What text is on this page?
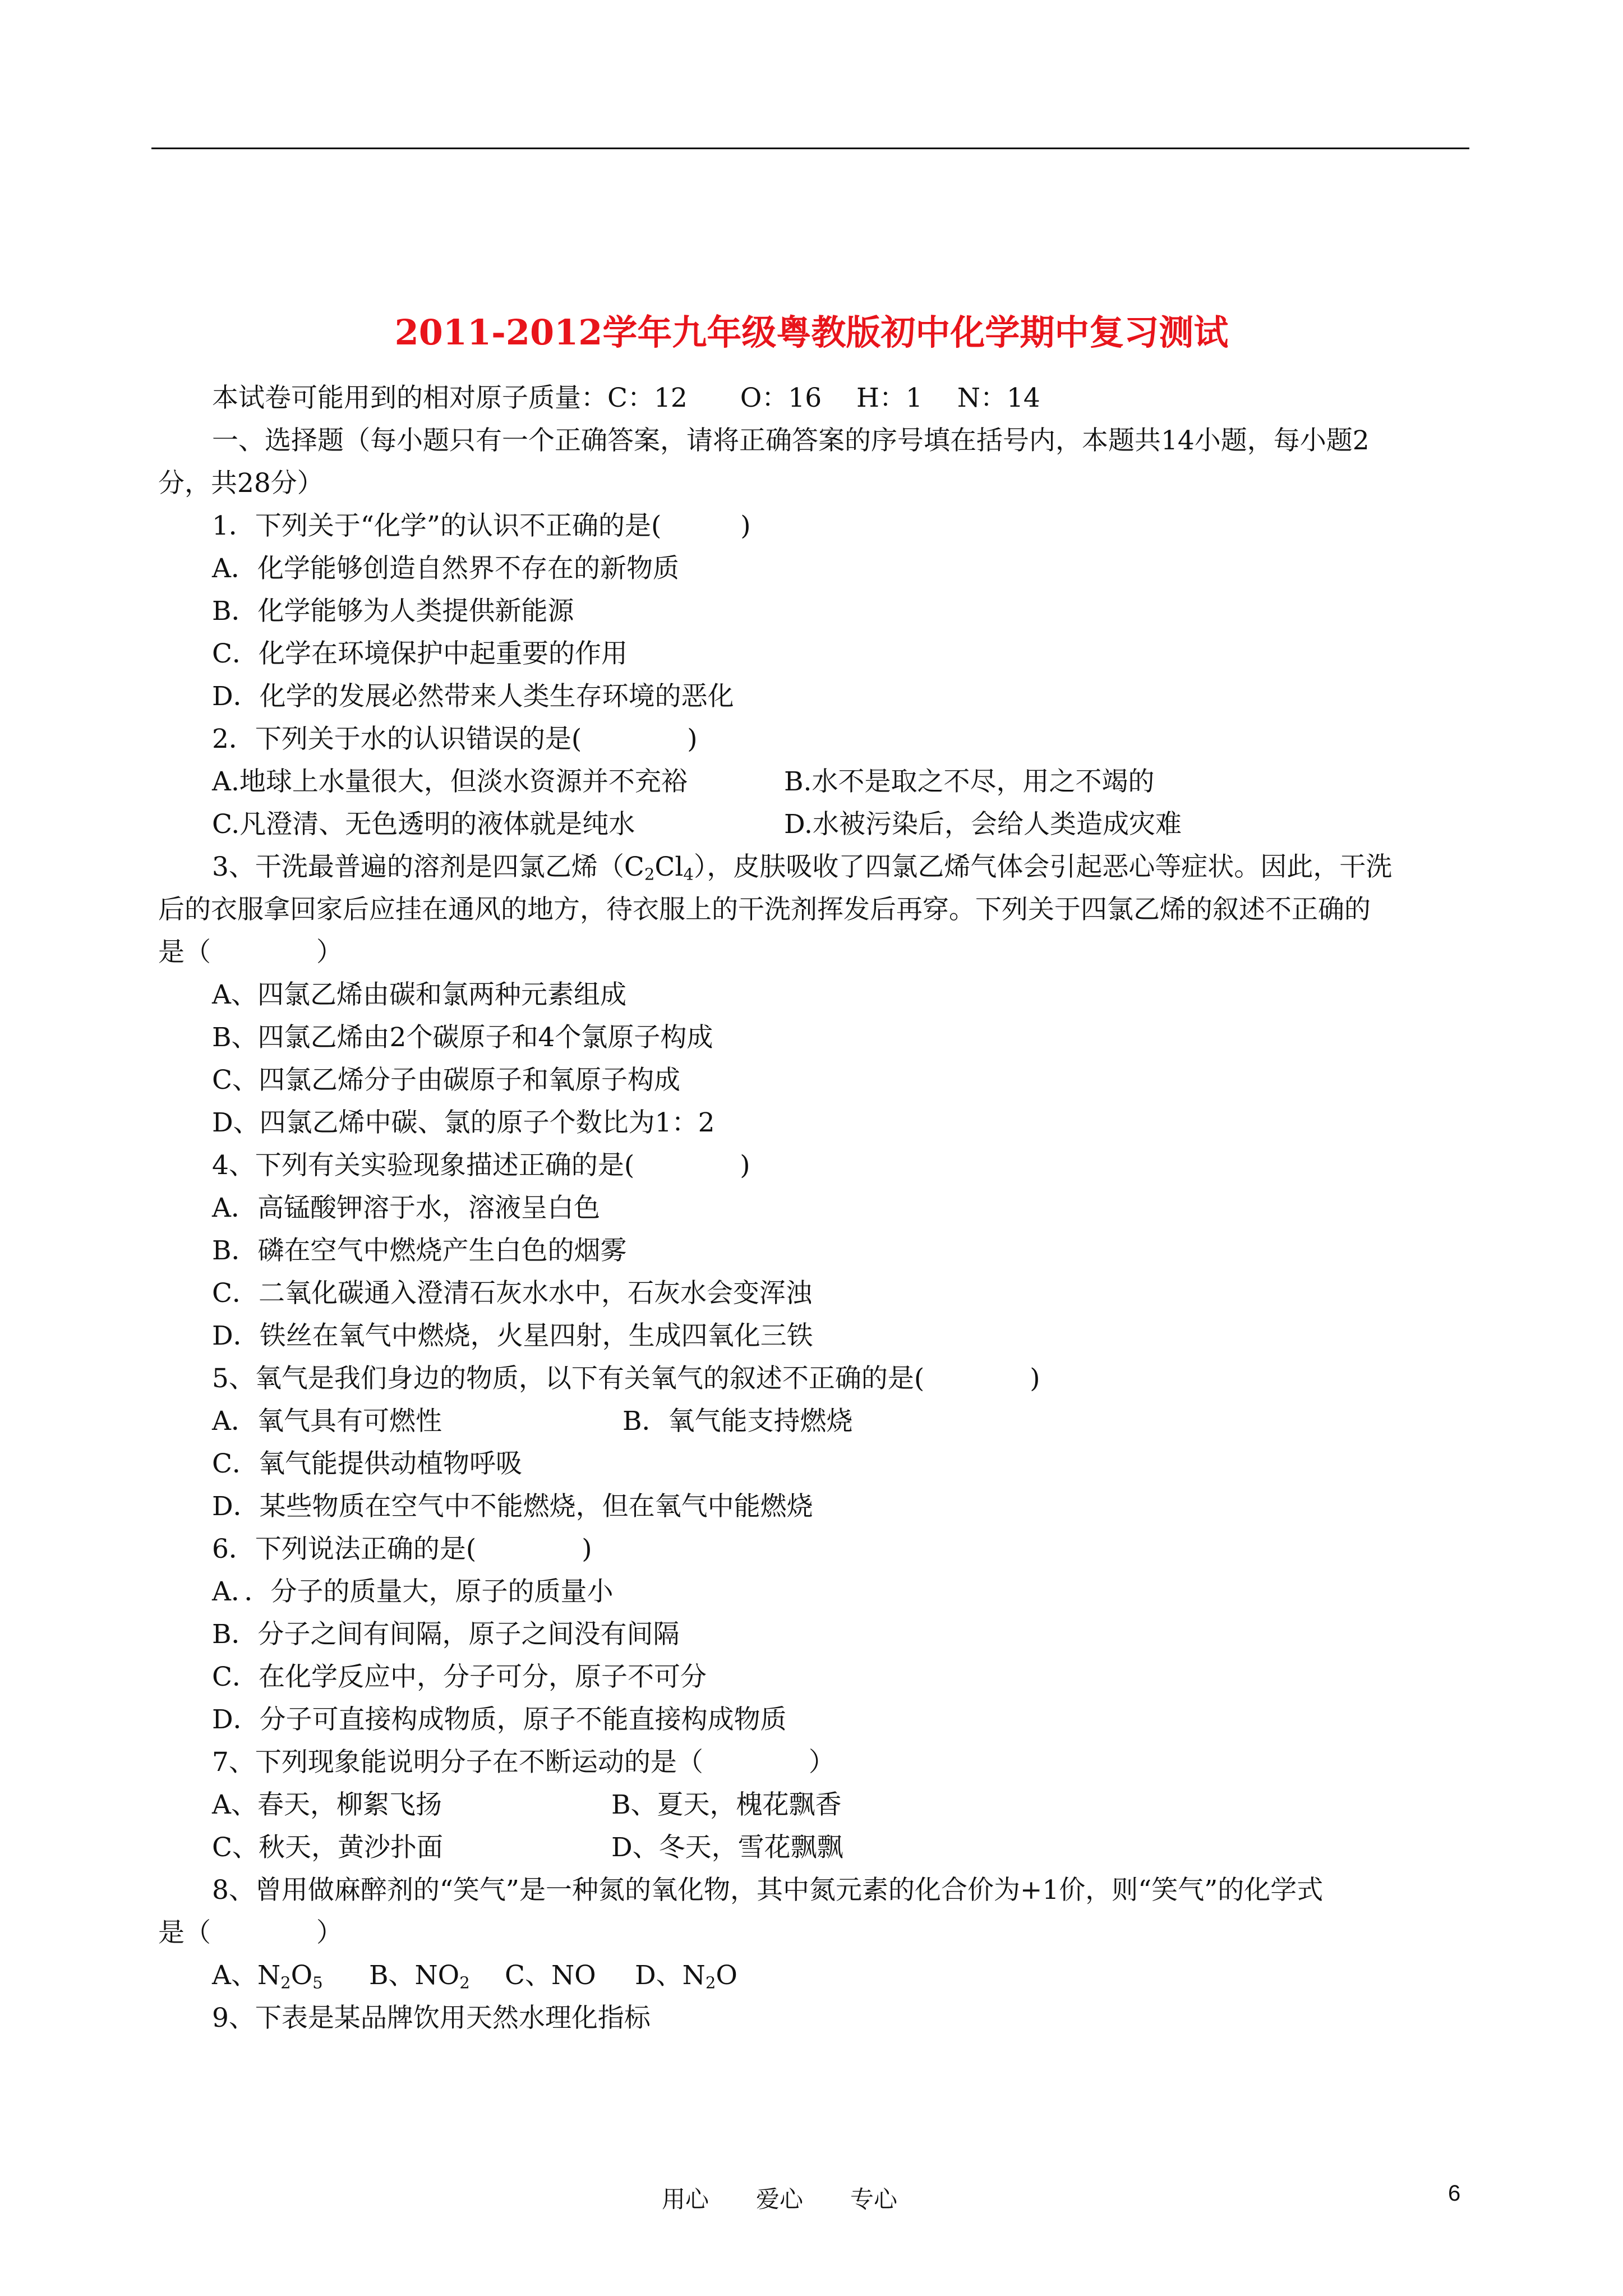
2011-2012学年九年级粤教版初中化学期中复习测试
本试卷可能用到的相对原子质量：C：12　　O：16　 H：1　 N：14
一、选择题（每小题只有一个正确答案，请将正确答案的序号填在括号内，本题共14小题，每小题2
分，共28分）
1．下列关于“化学”的认识不正确的是(　　　)
A．化学能够创造自然界不存在的新物质
B．化学能够为人类提供新能源
C．化学在环境保护中起重要的作用
D．化学的发展必然带来人类生存环境的恶化
2．下列关于水的认识错误的是(　　　　)
A.地球上水量很大，但淡水资源并不充裕	B.水不是取之不尽，用之不竭的
C.凡澄清、无色透明的液体就是纯水	D.水被污染后，会给人类造成灾难
3、干洗最普遍的溶剂是四氯乙烯$(C_2Cl_4)$，皮肤吸收了四氯乙烯气体会引起恶心等症状。因此，干洗
后的衣服拿回家后应挂在通风的地方，待衣服上的干洗剂挥发后再穿。下列关于四氯乙烯的叙述不正确的
是（　　　　）
A、四氯乙烯由碳和氯两种元素组成
B、四氯乙烯由2个碳原子和4个氯原子构成
C、四氯乙烯分子由碳原子和氧原子构成
D、四氯乙烯中碳、氯的原子个数比为1：2
4、下列有关实验现象描述正确的是(　　　　)
A．高锰酸钾溶于水，溶液呈白色
B．磷在空气中燃烧产生白色的烟雾
C．二氧化碳通入澄清石灰水水中，石灰水会变浑浊
D．铁丝在氧气中燃烧，火星四射，生成四氧化三铁
5、氧气是我们身边的物质，以下有关氧气的叙述不正确的是(　　　　)
A．氧气具有可燃性	B．氧气能支持燃烧
C．氧气能提供动植物呼吸
D．某些物质在空气中不能燃烧，但在氧气中能燃烧
6．下列说法正确的是(　　　　)
A．．分子的质量大，原子的质量小
B．分子之间有间隔，原子之间没有间隔
C．在化学反应中，分子可分，原子不可分
D．分子可直接构成物质，原子不能直接构成物质
7、下列现象能说明分子在不断运动的是（　　　　）
A、春天，柳絮飞扬	B、夏天，槐花飘香
C、秋天，黄沙扑面	D、冬天，雪花飘飘
8、曾用做麻醉剂的“笑气”是一种氮的氧化物，其中氮元素的化合价为+1价，则“笑气”的化学式
是（　　　　）
A、$N_2O_5$ B、$NO_2$ C、NO D、$N_2O$
9、下表是某品牌饮用天然水理化指标
用心　　爱心　　专心	6
